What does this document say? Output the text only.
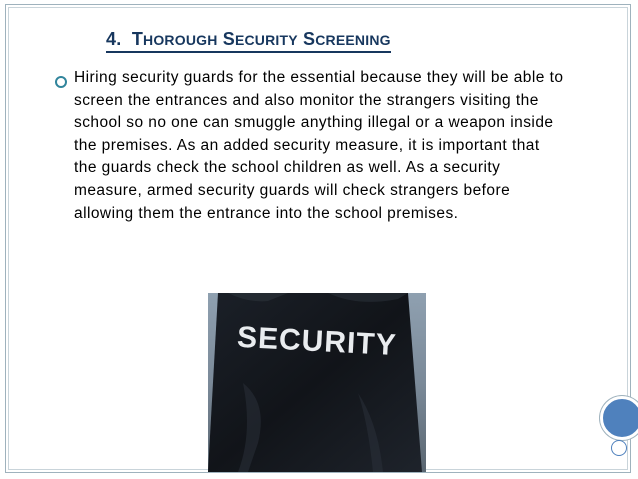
4.  THOROUGH SECURITY SCREENING
Hiring security guards for the essential because they will be able to screen the entrances and also monitor the strangers visiting the school so no one can smuggle anything illegal or a weapon inside the premises. As an added security measure, it is important that the guards check the school children as well. As a security measure, armed security guards will check strangers before allowing them the entrance into the school premises.
SECURITY
